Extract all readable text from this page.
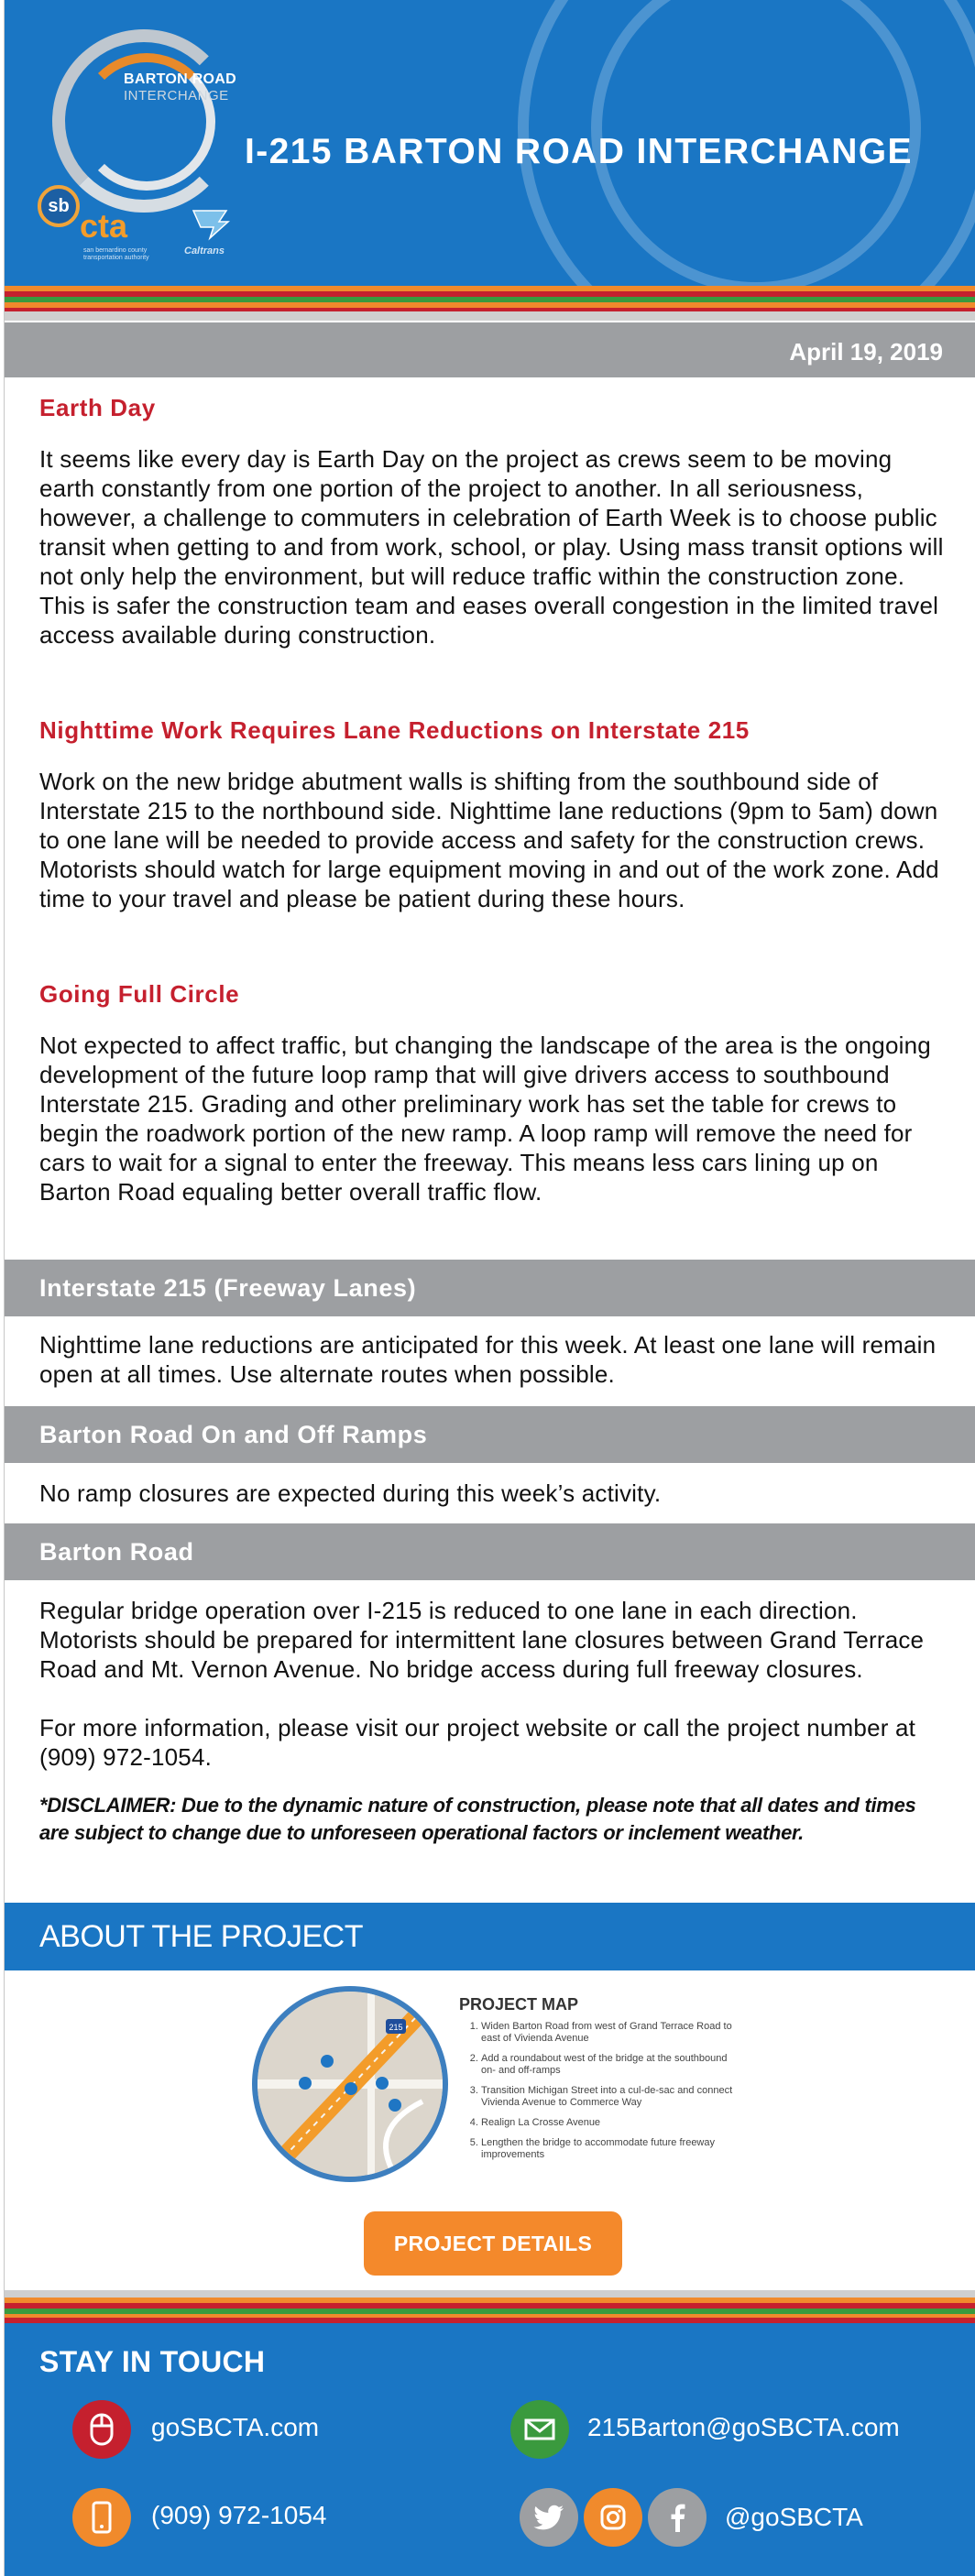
BARTON ROAD
INTERCHANGE
I-215 BARTON ROAD INTERCHANGE
sb
cta
san bernardino county transportation authority
Caltrans
April 19, 2019
Earth Day

It seems like every day is Earth Day on the project as crews seem to be moving earth constantly from one portion of the project to another. In all seriousness, however, a challenge to commuters in celebration of Earth Week is to choose public transit when getting to and from work, school, or play. Using mass transit options will not only help the environment, but will reduce traffic within the construction zone. This is safer the construction team and eases overall congestion in the limited travel access available during construction.

Nighttime Work Requires Lane Reductions on Interstate 215

Work on the new bridge abutment walls is shifting from the southbound side of Interstate 215 to the northbound side. Nighttime lane reductions (9pm to 5am) down to one lane will be needed to provide access and safety for the construction crews. Motorists should watch for large equipment moving in and out of the work zone. Add time to your travel and please be patient during these hours.

Going Full Circle

Not expected to affect traffic, but changing the landscape of the area is the ongoing development of the future loop ramp that will give drivers access to southbound Interstate 215. Grading and other preliminary work has set the table for crews to begin the roadwork portion of the new ramp. A loop ramp will remove the need for cars to wait for a signal to enter the freeway. This means less cars lining up on Barton Road equaling better overall traffic flow.

Interstate 215 (Freeway Lanes)

Nighttime lane reductions are anticipated for this week. At least one lane will remain open at all times. Use alternate routes when possible.

Barton Road On and Off Ramps

No ramp closures are expected during this week’s activity.

Barton Road

Regular bridge operation over I-215 is reduced to one lane in each direction. Motorists should be prepared for intermittent lane closures between Grand Terrace Road and Mt. Vernon Avenue. No bridge access during full freeway closures.

For more information, please visit our project website or call the project number at (909) 972-1054.

*DISCLAIMER: Due to the dynamic nature of construction, please note that all dates and times are subject to change due to unforeseen operational factors or inclement weather.

ABOUT THE PROJECT
215
PROJECT MAP
1. Widen Barton Road from west of Grand Terrace Road to east of Vivienda Avenue
2. Add a roundabout west of the bridge at the southbound on- and off-ramps
3. Transition Michigan Street into a cul-de-sac and connect Vivienda Avenue to Commerce Way
4. Realign La Crosse Avenue
5. Lengthen the bridge to accommodate future freeway improvements
PROJECT DETAILS
STAY IN TOUCH
goSBCTA.com	215Barton@goSBCTA.com
(909) 972-1054	@goSBCTA
